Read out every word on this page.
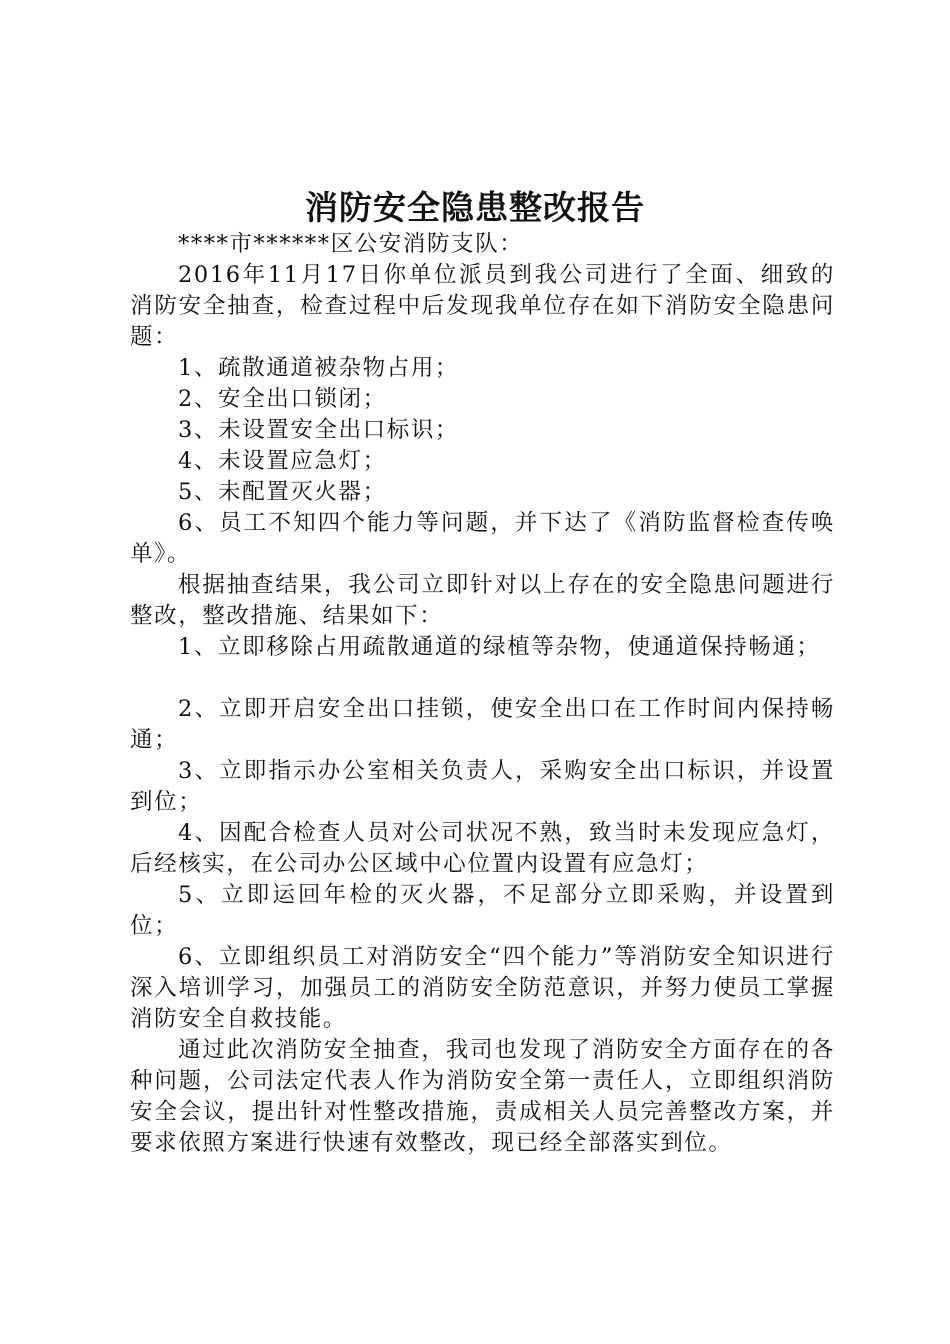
消防安全隐患整改报告

****市******区公安消防支队：

2016年11月17日你单位派员到我公司进行了全面、细致的消防安全抽查，检查过程中后发现我单位存在如下消防安全隐患问题：

1、疏散通道被杂物占用；

2、安全出口锁闭；

3、未设置安全出口标识；

4、未设置应急灯；

5、未配置灭火器；

6、员工不知四个能力等问题，并下达了《消防监督检查传唤单》。

根据抽查结果，我公司立即针对以上存在的安全隐患问题进行整改，整改措施、结果如下：

1、立即移除占用疏散通道的绿植等杂物，使通道保持畅通；

2、立即开启安全出口挂锁，使安全出口在工作时间内保持畅通；

3、立即指示办公室相关负责人，采购安全出口标识，并设置到位；

4、因配合检查人员对公司状况不熟，致当时未发现应急灯，后经核实，在公司办公区域中心位置内设置有应急灯；

5、立即运回年检的灭火器，不足部分立即采购，并设置到位；

6、立即组织员工对消防安全“四个能力”等消防安全知识进行深入培训学习，加强员工的消防安全防范意识，并努力使员工掌握消防安全自救技能。

通过此次消防安全抽查，我司也发现了消防安全方面存在的各种问题，公司法定代表人作为消防安全第一责任人，立即组织消防安全会议，提出针对性整改措施，责成相关人员完善整改方案，并要求依照方案进行快速有效整改，现已经全部落实到位。
